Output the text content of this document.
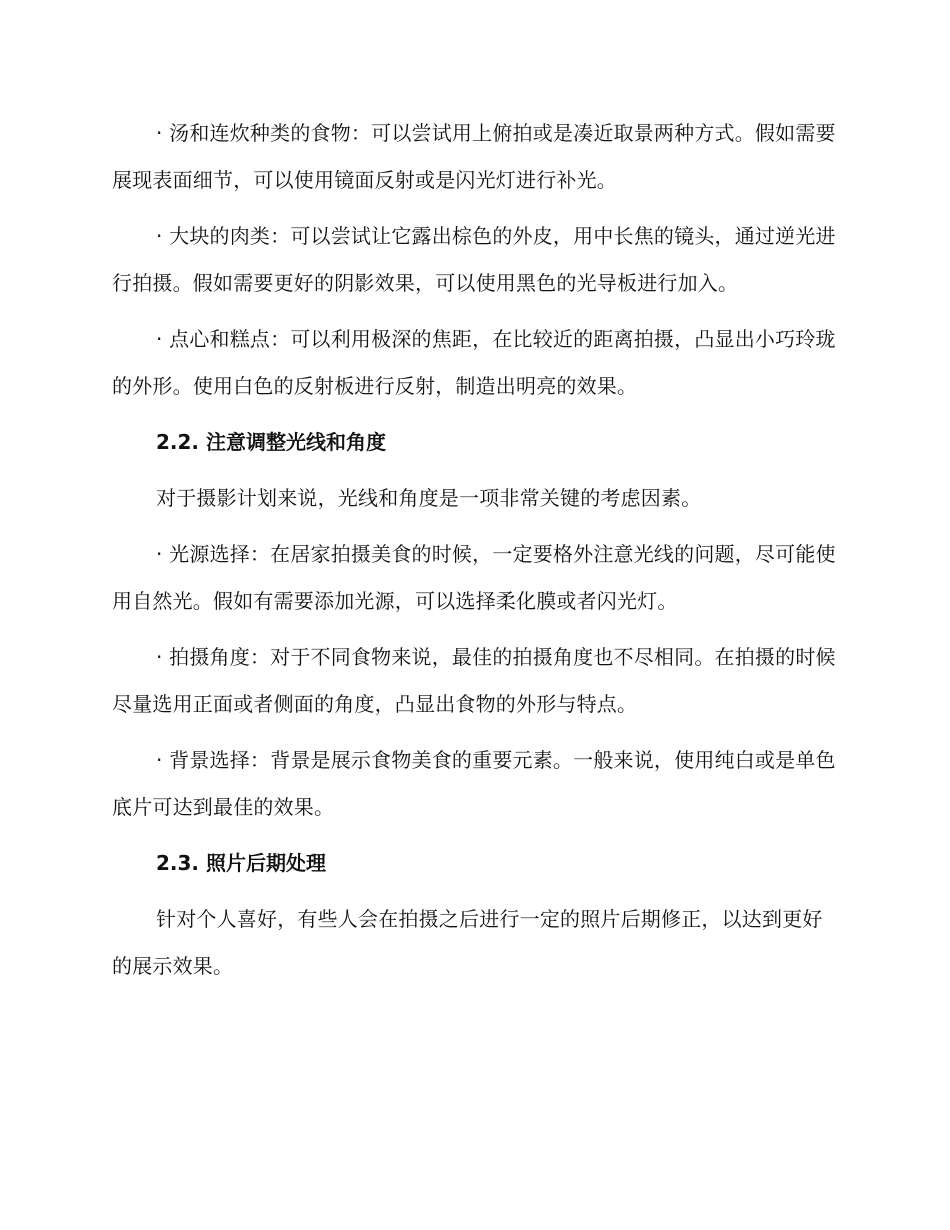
· 汤和连炊种类的食物：可以尝试用上俯拍或是凑近取景两种方式。假如需要展现表面细节，可以使用镜面反射或是闪光灯进行补光。

· 大块的肉类：可以尝试让它露出棕色的外皮，用中长焦的镜头，通过逆光进行拍摄。假如需要更好的阴影效果，可以使用黑色的光导板进行加入。

· 点心和糕点：可以利用极深的焦距，在比较近的距离拍摄，凸显出小巧玲珑的外形。使用白色的反射板进行反射，制造出明亮的效果。

2.2. 注意调整光线和角度

对于摄影计划来说，光线和角度是一项非常关键的考虑因素。

· 光源选择：在居家拍摄美食的时候，一定要格外注意光线的问题，尽可能使用自然光。假如有需要添加光源，可以选择柔化膜或者闪光灯。

· 拍摄角度：对于不同食物来说，最佳的拍摄角度也不尽相同。在拍摄的时候尽量选用正面或者侧面的角度，凸显出食物的外形与特点。

· 背景选择：背景是展示食物美食的重要元素。一般来说，使用纯白或是单色底片可达到最佳的效果。

2.3. 照片后期处理

针对个人喜好，有些人会在拍摄之后进行一定的照片后期修正，以达到更好的展示效果。
